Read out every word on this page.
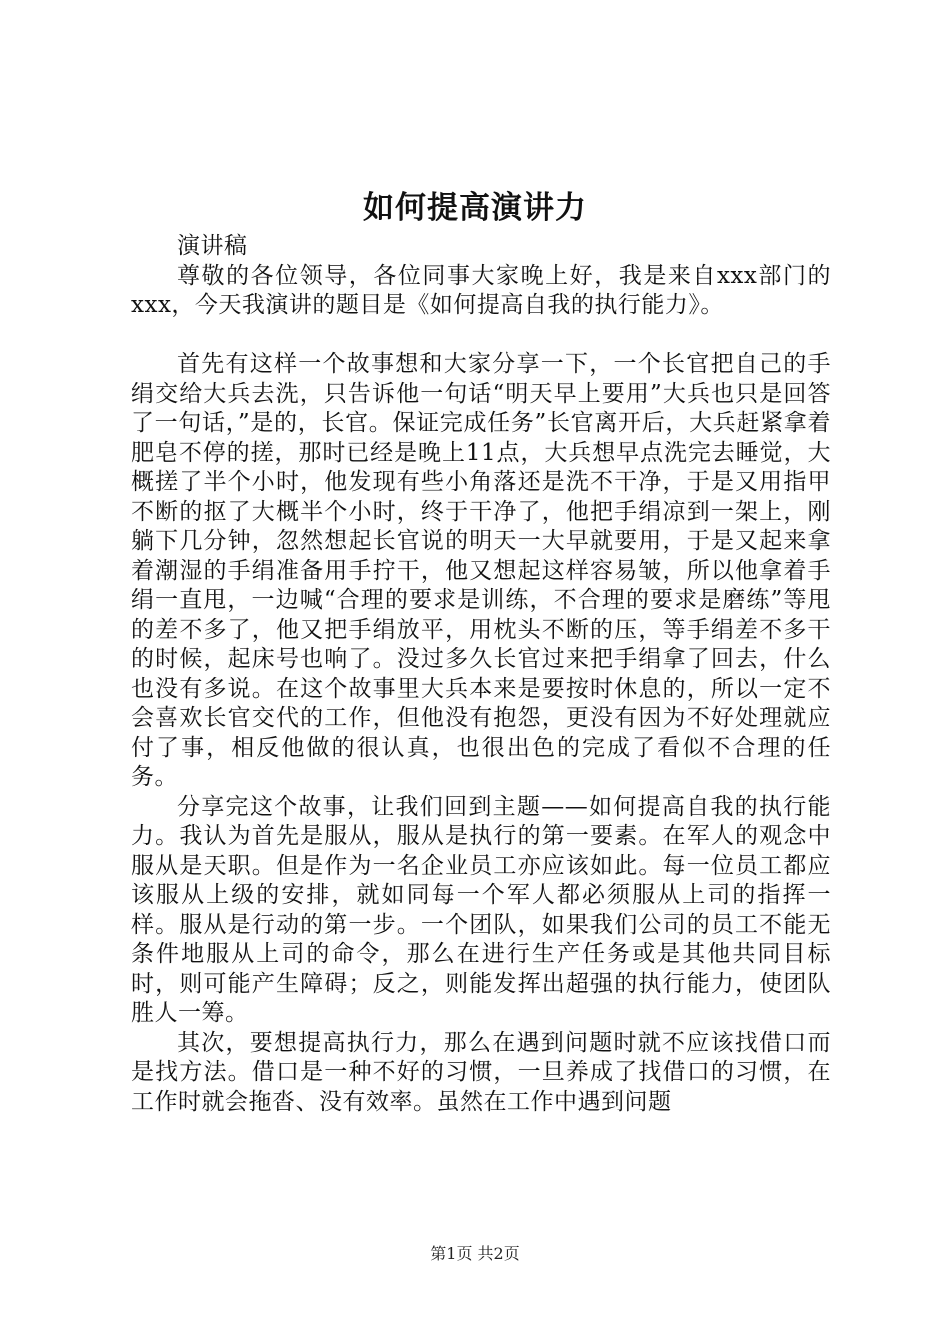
如何提高演讲力

演讲稿

尊敬的各位领导，各位同事大家晚上好，我是来自xxx部门的xxx，今天我演讲的题目是《如何提高自我的执行能力》。

首先有这样一个故事想和大家分享一下，一个长官把自己的手绢交给大兵去洗，只告诉他一句话“明天早上要用”大兵也只是回答了一句话，”是的，长官。保证完成任务”长官离开后，大兵赶紧拿着肥皂不停的搓，那时已经是晚上11点，大兵想早点洗完去睡觉，大概搓了半个小时，他发现有些小角落还是洗不干净，于是又用指甲不断的抠了大概半个小时，终于干净了，他把手绢凉到一架上，刚躺下几分钟，忽然想起长官说的明天一大早就要用，于是又起来拿着潮湿的手绢准备用手拧干，他又想起这样容易皱，所以他拿着手绢一直甩，一边喊“合理的要求是训练，不合理的要求是磨练”等甩的差不多了，他又把手绢放平，用枕头不断的压，等手绢差不多干的时候，起床号也响了。没过多久长官过来把手绢拿了回去，什么也没有多说。在这个故事里大兵本来是要按时休息的，所以一定不会喜欢长官交代的工作，但他没有抱怨，更没有因为不好处理就应付了事，相反他做的很认真，也很出色的完成了看似不合理的任务。

分享完这个故事，让我们回到主题——如何提高自我的执行能力。我认为首先是服从，服从是执行的第一要素。在军人的观念中服从是天职。但是作为一名企业员工亦应该如此。每一位员工都应该服从上级的安排，就如同每一个军人都必须服从上司的指挥一样。服从是行动的第一步。一个团队，如果我们公司的员工不能无条件地服从上司的命令，那么在进行生产任务或是其他共同目标时，则可能产生障碍；反之，则能发挥出超强的执行能力，使团队胜人一筹。

其次，要想提高执行力，那么在遇到问题时就不应该找借口而是找方法。借口是一种不好的习惯，一旦养成了找借口的习惯，在工作时就会拖沓、没有效率。虽然在工作中遇到问题

第1页 共2页
